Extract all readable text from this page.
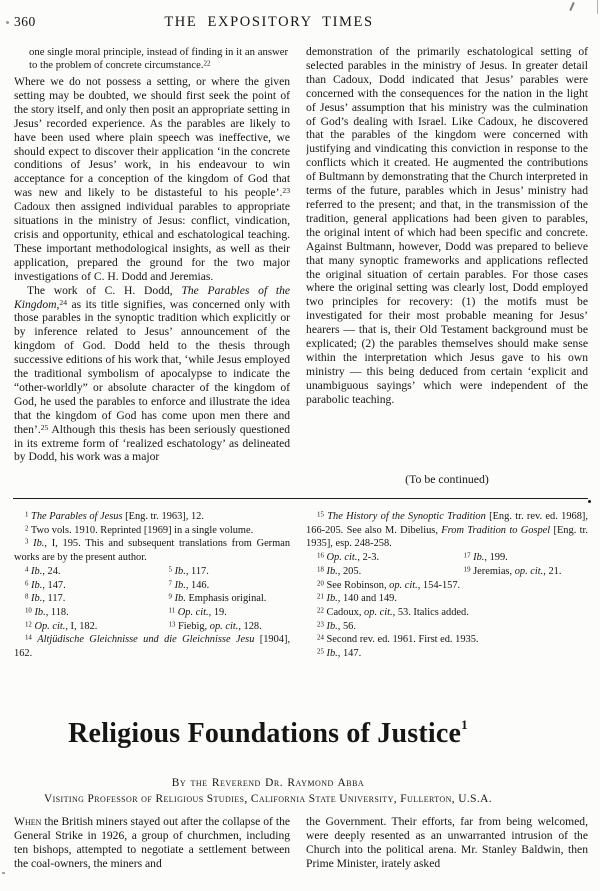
360	THE EXPOSITORY TIMES
one single moral principle, instead of finding in it an answer to the problem of concrete circumstance.$^{22}$

Where we do not possess a setting, or where the given setting may be doubted, we should first seek the point of the story itself, and only then posit an appropriate setting in Jesus’ recorded experience. As the parables are likely to have been used where plain speech was ineffective, we should expect to discover their application ‘in the concrete conditions of Jesus’ work, in his endeavour to win acceptance for a conception of the kingdom of God that was new and likely to be distasteful to his people’.$^{23}$ Cadoux then assigned individual parables to appropriate situations in the ministry of Jesus: conflict, vindication, crisis and opportunity, ethical and eschatological teaching. These important methodological insights, as well as their application, prepared the ground for the two major investigations of C. H. Dodd and Jeremias.

The work of C. H. Dodd, The Parables of the Kingdom,$^{24}$ as its title signifies, was concerned only with those parables in the synoptic tradition which explicitly or by inference related to Jesus’ announcement of the kingdom of God. Dodd held to the thesis through successive editions of his work that, ‘while Jesus employed the traditional symbolism of apocalypse to indicate the “other-worldly” or absolute character of the kingdom of God, he used the parables to enforce and illustrate the idea that the kingdom of God has come upon men there and then’.$^{25}$ Although this thesis has been seriously questioned in its extreme form of ‘realized eschatology’ as delineated by Dodd, his work was a major

demonstration of the primarily eschatological setting of selected parables in the ministry of Jesus. In greater detail than Cadoux, Dodd indicated that Jesus’ parables were concerned with the consequences for the nation in the light of Jesus’ assumption that his ministry was the culmination of God’s dealing with Israel. Like Cadoux, he discovered that the parables of the kingdom were concerned with justifying and vindicating this conviction in response to the conflicts which it created. He augmented the contributions of Bultmann by demonstrating that the Church interpreted in terms of the future, parables which in Jesus’ ministry had referred to the present; and that, in the transmission of the tradition, general applications had been given to parables, the original intent of which had been specific and concrete. Against Bultmann, however, Dodd was prepared to believe that many synoptic frameworks and applications reflected the original situation of certain parables. For those cases where the original setting was clearly lost, Dodd employed two principles for recovery: (1) the motifs must be investigated for their most probable meaning for Jesus’ hearers — that is, their Old Testament background must be explicated; (2) the parables themselves should make sense within the interpretation which Jesus gave to his own ministry — this being deduced from certain ‘explicit and unambiguous sayings’ which were independent of the parabolic teaching.

(To be continued)
$^1$ The Parables of Jesus [Eng. tr. 1963], 12.
$^2$ Two vols. 1910. Reprinted [1969] in a single volume.
$^3$ Ib., I, 195. This and subsequent translations from German works are by the present author.
$^4$ Ib., 24.	$^5$ Ib., 117.
$^6$ Ib., 147.	$^7$ Ib., 146.
$^8$ Ib., 117.	$^9$ Ib. Emphasis original.
$^{10}$ Ib., 118.	$^{11}$ Op. cit., 19.
$^{12}$ Op. cit., I, 182.	$^{13}$ Fiebig, op. cit., 128.
$^{14}$ Altjüdische Gleichnisse und die Gleichnisse Jesu [1904], 162.
$^{15}$ The History of the Synoptic Tradition [Eng. tr. rev. ed. 1968], 166-205. See also M. Dibelius, From Tradition to Gospel [Eng. tr. 1935], esp. 248-258.
$^{16}$ Op. cit., 2-3.	$^{17}$ Ib., 199.
$^{18}$ Ib., 205.	$^{19}$ Jeremias, op. cit., 21.
$^{20}$ See Robinson, op. cit., 154-157.
$^{21}$ Ib., 140 and 149.
$^{22}$ Cadoux, op. cit., 53. Italics added.
$^{23}$ Ib., 56.
$^{24}$ Second rev. ed. 1961. First ed. 1935.
$^{25}$ Ib., 147.
Religious Foundations of Justice$^1$
By the Reverend Dr. Raymond Abba
Visiting Professor of Religious Studies, California State University, Fullerton, U.S.A.

When the British miners stayed out after the collapse of the General Strike in 1926, a group of churchmen, including ten bishops, attempted to negotiate a settlement between the coal-owners, the miners and

the Government. Their efforts, far from being welcomed, were deeply resented as an unwarranted intrusion of the Church into the political arena. Mr. Stanley Baldwin, then Prime Minister, irately asked
